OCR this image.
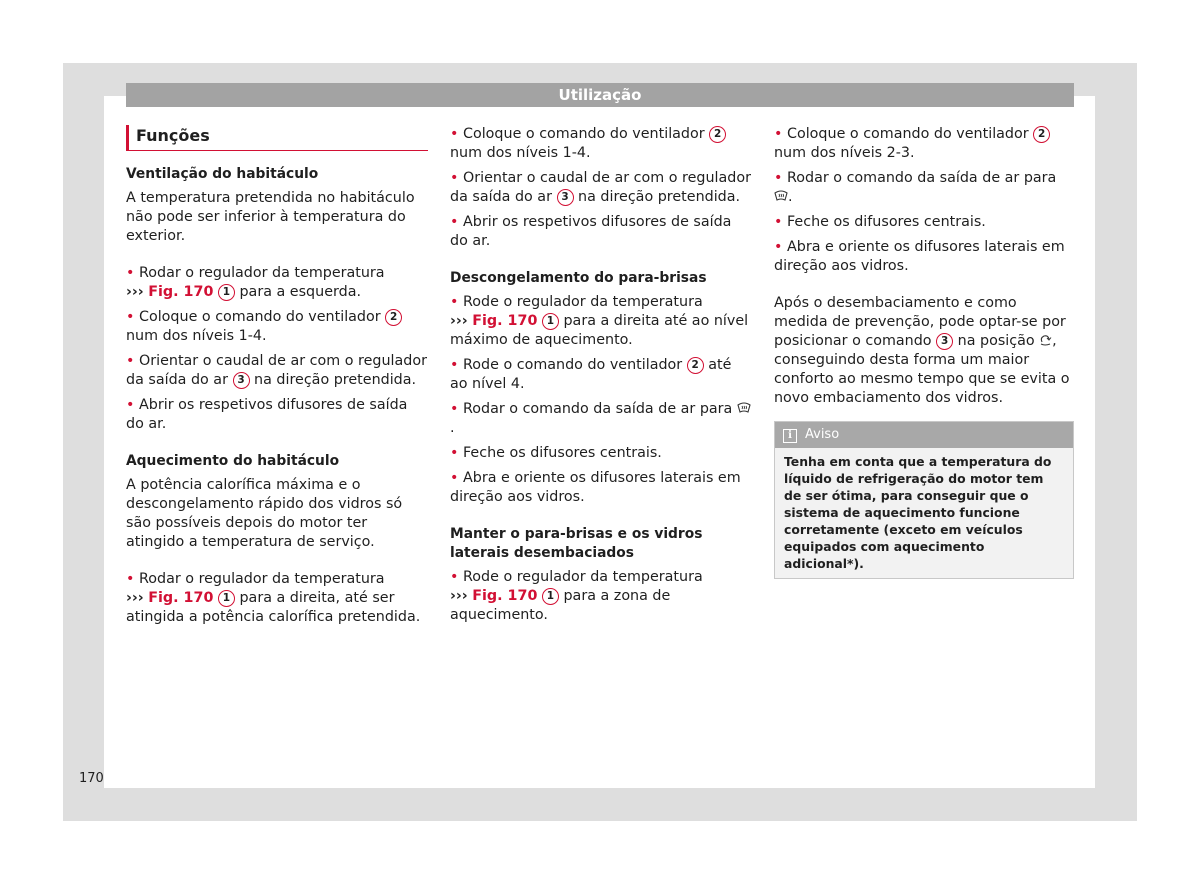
Utilização
Funções
Ventilação do habitáculo

A temperatura pretendida no habitáculo não pode ser inferior à temperatura do exterior.

• Rodar o regulador da temperatura
››› Fig. 170 1 para a esquerda.

• Coloque o comando do ventilador 2 num dos níveis 1-4.

• Orientar o caudal de ar com o regulador da saída do ar 3 na direção pretendida.

• Abrir os respetivos difusores de saída do ar.

Aquecimento do habitáculo

A potência calorífica máxima e o descongelamento rápido dos vidros só são possíveis depois do motor ter atingido a temperatura de serviço.

• Rodar o regulador da temperatura
››› Fig. 170 1 para a direita, até ser atingida a potência calorífica pretendida.

• Coloque o comando do ventilador 2 num dos níveis 1-4.

• Orientar o caudal de ar com o regulador da saída do ar 3 na direção pretendida.

• Abrir os respetivos difusores de saída do ar.

Descongelamento do para-brisas

• Rode o regulador da temperatura
››› Fig. 170 1 para a direita até ao nível máximo de aquecimento.

• Rode o comando do ventilador 2 até ao nível 4.

• Rodar o comando da saída de ar para .

• Feche os difusores centrais.

• Abra e oriente os difusores laterais em direção aos vidros.

Manter o para-brisas e os vidros laterais desembaciados

• Rode o regulador da temperatura
››› Fig. 170 1 para a zona de aquecimento.

• Coloque o comando do ventilador 2 num dos níveis 2-3.

• Rodar o comando da saída de ar para .

• Feche os difusores centrais.

• Abra e oriente os difusores laterais em direção aos vidros.

Após o desembaciamento e como medida de prevenção, pode optar-se por posicionar o comando 3 na posição , conseguindo desta forma um maior conforto ao mesmo tempo que se evita o novo embaciamento dos vidros.

i Aviso
Tenha em conta que a temperatura do líquido de refrigeração do motor tem de ser ótima, para conseguir que o sistema de aquecimento funcione corretamente (exceto em veículos equipados com aquecimento adicional*).
170
